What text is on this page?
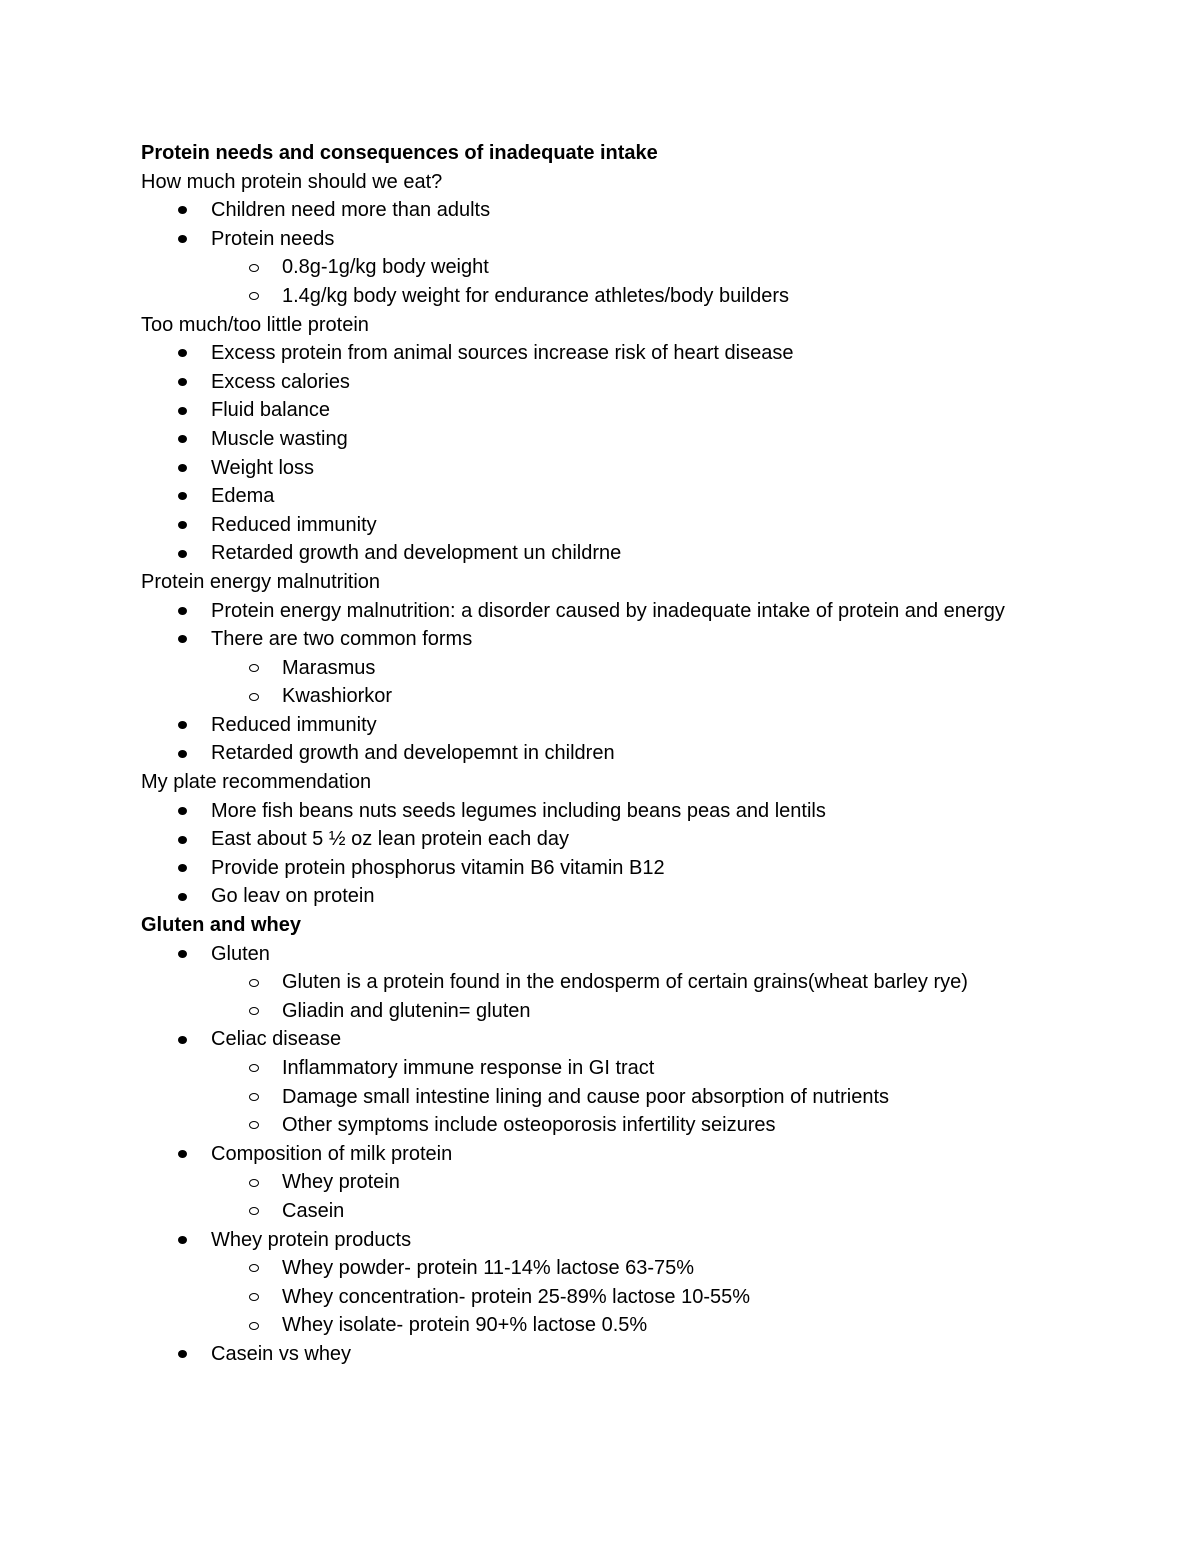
Protein needs and consequences of inadequate intake
How much protein should we eat?
Children need more than adults
Protein needs
0.8g-1g/kg body weight
1.4g/kg body weight for endurance athletes/body builders
Too much/too little protein
Excess protein from animal sources increase risk of heart disease
Excess calories
Fluid balance
Muscle wasting
Weight loss
Edema
Reduced immunity
Retarded growth and development un childrne
Protein energy malnutrition
Protein energy malnutrition: a disorder caused by inadequate intake of protein and energy
There are two common forms
Marasmus
Kwashiorkor
Reduced immunity
Retarded growth and developemnt in children
My plate recommendation
More fish beans nuts seeds legumes including beans peas and lentils
East about 5 ½ oz lean protein each day
Provide protein phosphorus vitamin B6 vitamin B12
Go leav on protein
Gluten and whey
Gluten
Gluten is a protein found in the endosperm of certain grains(wheat barley rye)
Gliadin and glutenin= gluten
Celiac disease
Inflammatory immune response in GI tract
Damage small intestine lining and cause poor absorption of nutrients
Other symptoms include osteoporosis infertility seizures
Composition of milk protein
Whey protein
Casein
Whey protein products
Whey powder- protein 11-14% lactose 63-75%
Whey concentration- protein 25-89% lactose 10-55%
Whey isolate- protein 90+% lactose 0.5%
Casein vs whey
